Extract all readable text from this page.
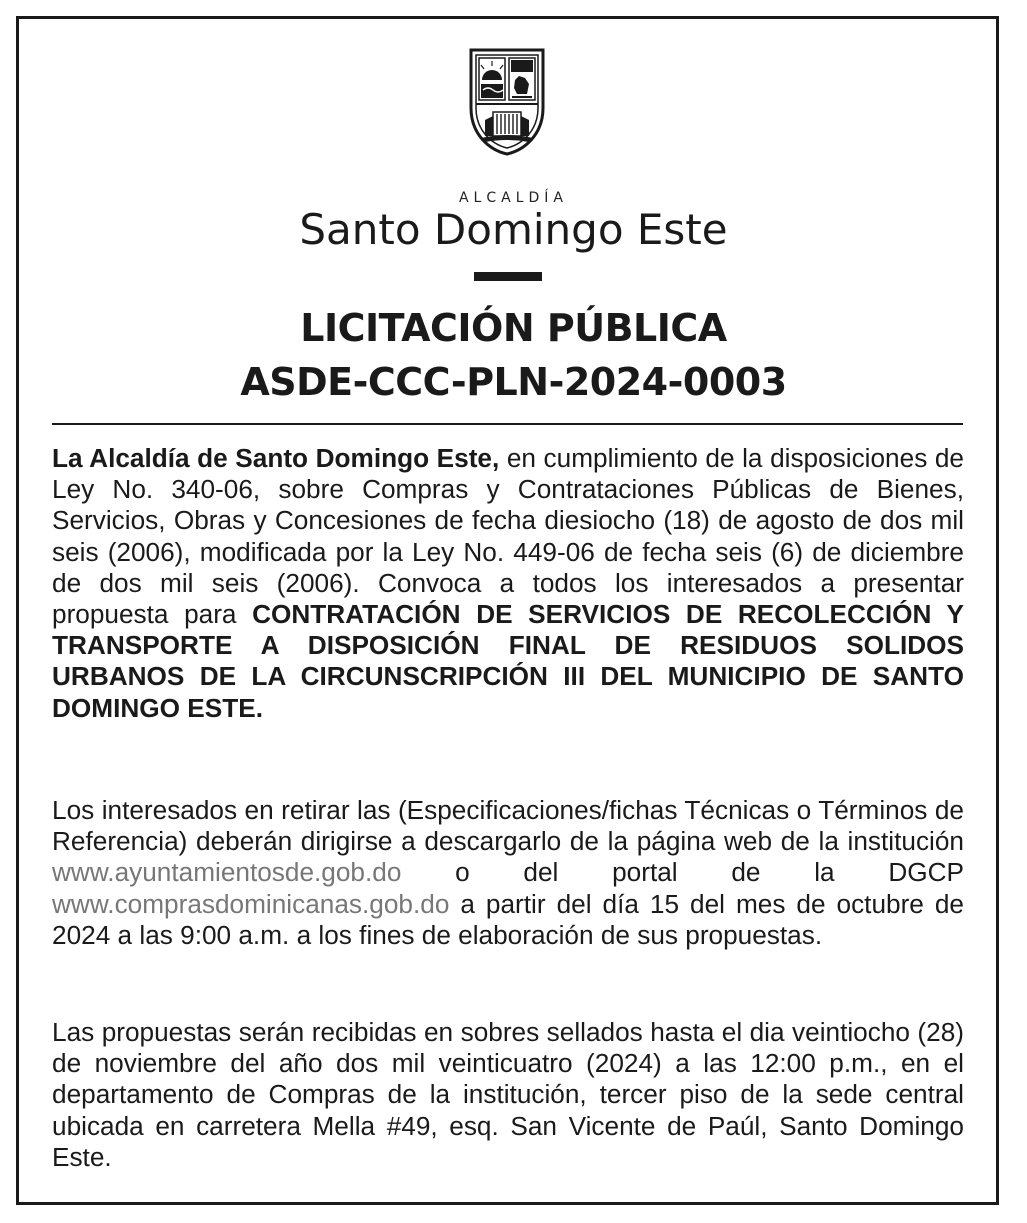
ALCALDÍA
Santo Domingo Este
LICITACIÓN PÚBLICA
ASDE-CCC-PLN-2024-0003
La Alcaldía de Santo Domingo Este, en cumplimiento de la disposiciones de Ley No. 340-06, sobre Compras y Contrataciones Públicas de Bienes, Servicios, Obras y Concesiones de fecha diesiocho (18) de agosto de dos mil seis (2006), modificada por la Ley No. 449-06 de fecha seis (6) de diciembre de dos mil seis (2006). Convoca a todos los interesados a presentar propuesta para CONTRATACIÓN DE SERVICIOS DE RECOLECCIÓN Y TRANSPORTE A DISPOSICIÓN FINAL DE RESIDUOS SOLIDOS URBANOS DE LA CIRCUNSCRIPCIÓN III DEL MUNICIPIO DE SANTO DOMINGO ESTE.
Los interesados en retirar las (Especificaciones/fichas Técnicas o Términos de Referencia) deberán dirigirse a descargarlo de la página web de la institución www.ayuntamientosde.gob.do o del portal de la DGCP www.comprasdominicanas.gob.do a partir del día 15 del mes de octubre de 2024 a las 9:00 a.m. a los fines de elaboración de sus propuestas.
Las propuestas serán recibidas en sobres sellados hasta el dia veintiocho (28) de noviembre del año dos mil veinticuatro (2024) a las 12:00 p.m., en el departamento de Compras de la institución, tercer piso de la sede central ubicada en carretera Mella #49, esq. San Vicente de Paúl, Santo Domingo Este.
